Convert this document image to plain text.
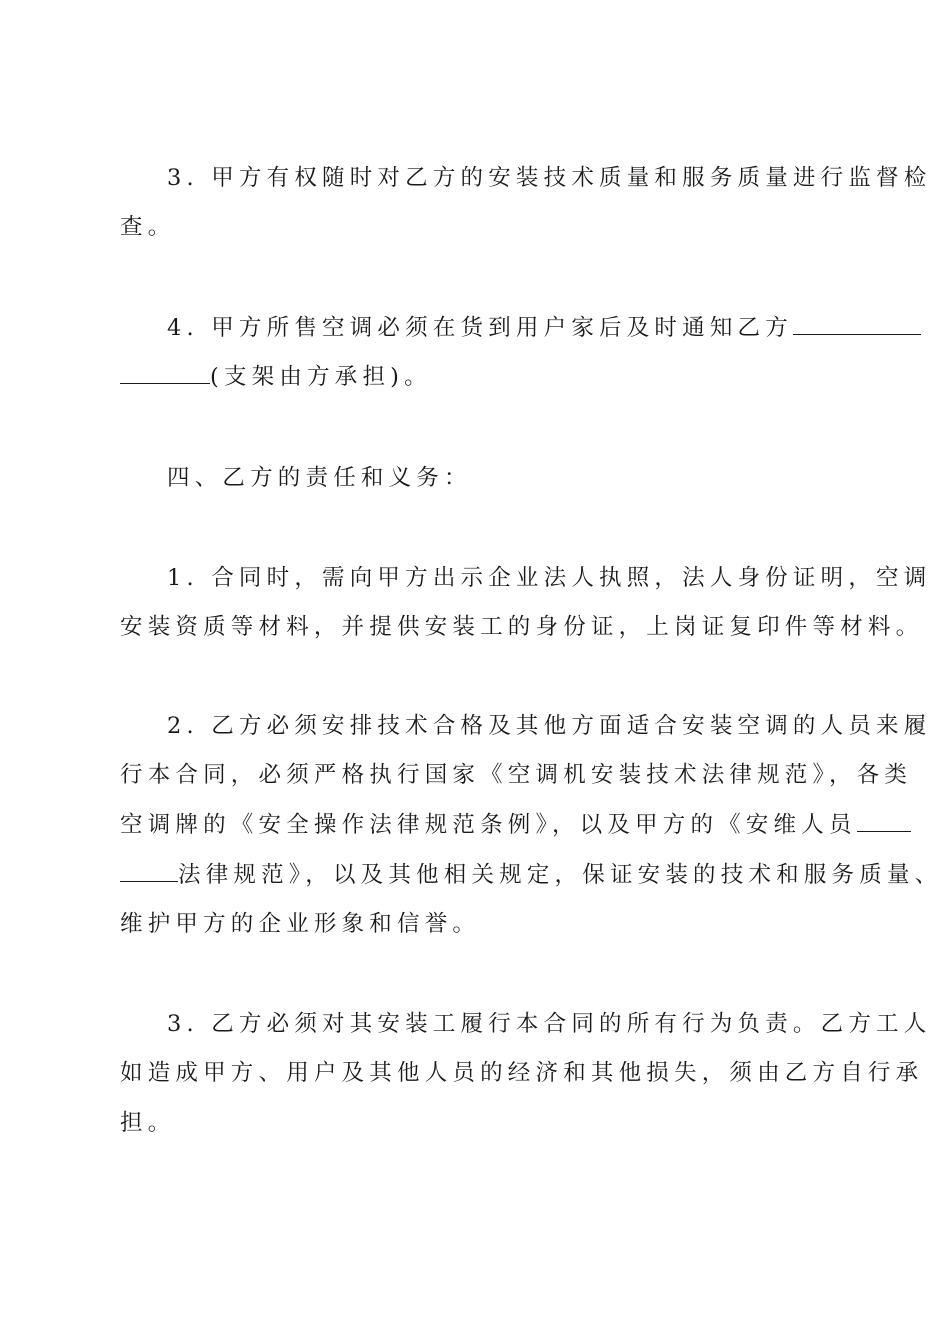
3. 甲方有权随时对乙方的安装技术质量和服务质量进行监督检
查。
4. 甲方所售空调必须在货到用户家后及时通知乙方
(支架由方承担)。
四、乙方的责任和义务：
1. 合同时，需向甲方出示企业法人执照，法人身份证明，空调
安装资质等材料，并提供安装工的身份证，上岗证复印件等材料。
2. 乙方必须安排技术合格及其他方面适合安装空调的人员来履
行本合同，必须严格执行国家《空调机安装技术法律规范》，各类
空调牌的《安全操作法律规范条例》，以及甲方的《安维人员
法律规范》，以及其他相关规定，保证安装的技术和服务质量、
维护甲方的企业形象和信誉。
3. 乙方必须对其安装工履行本合同的所有行为负责。乙方工人
如造成甲方、用户及其他人员的经济和其他损失，须由乙方自行承
担。
